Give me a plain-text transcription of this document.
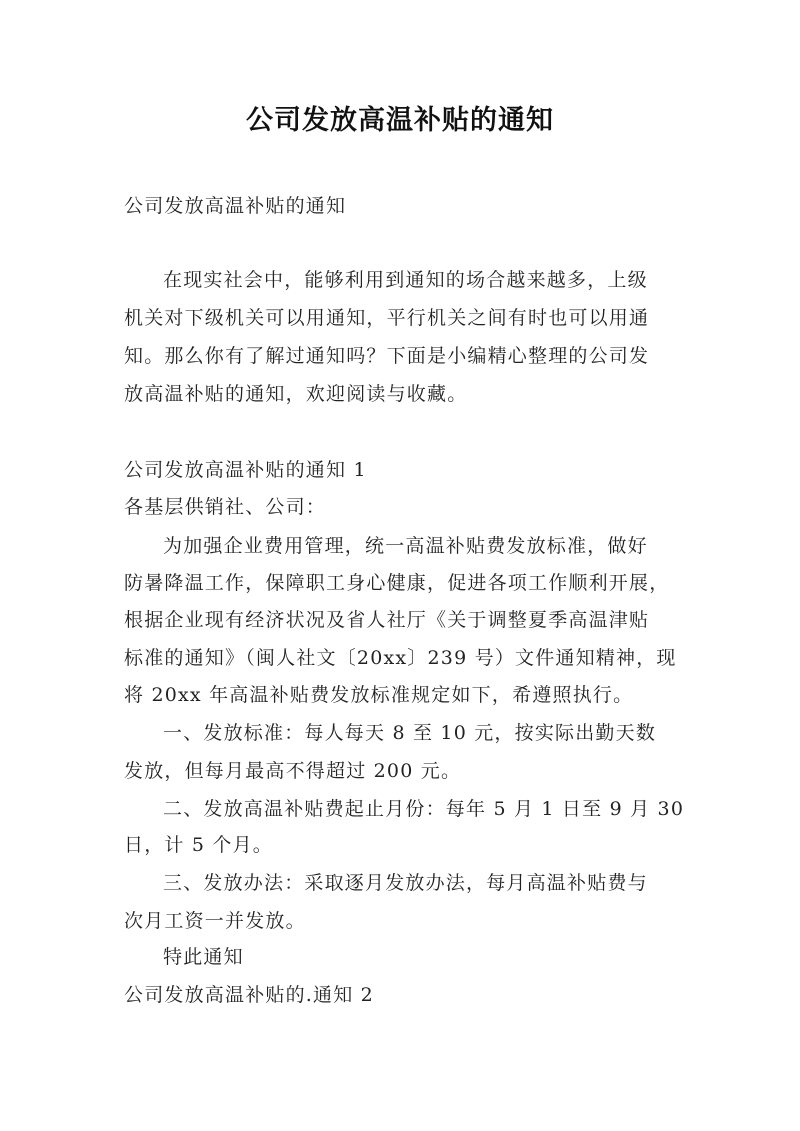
公司发放高温补贴的通知
公司发放高温补贴的通知
在现实社会中，能够利用到通知的场合越来越多，上级
机关对下级机关可以用通知，平行机关之间有时也可以用通
知。那么你有了解过通知吗？下面是小编精心整理的公司发
放高温补贴的通知，欢迎阅读与收藏。
公司发放高温补贴的通知 1
各基层供销社、公司：
为加强企业费用管理，统一高温补贴费发放标准，做好
防暑降温工作，保障职工身心健康，促进各项工作顺利开展，
根据企业现有经济状况及省人社厅《关于调整夏季高温津贴
标准的通知》（闽人社文〔20xx〕239 号）文件通知精神，现
将 20xx 年高温补贴费发放标准规定如下，希遵照执行。
一、发放标准：每人每天 8 至 10 元，按实际出勤天数
发放，但每月最高不得超过 200 元。
二、发放高温补贴费起止月份：每年 5 月 1 日至 9 月 30
日，计 5 个月。
三、发放办法：采取逐月发放办法，每月高温补贴费与
次月工资一并发放。
特此通知
公司发放高温补贴的.通知 2
